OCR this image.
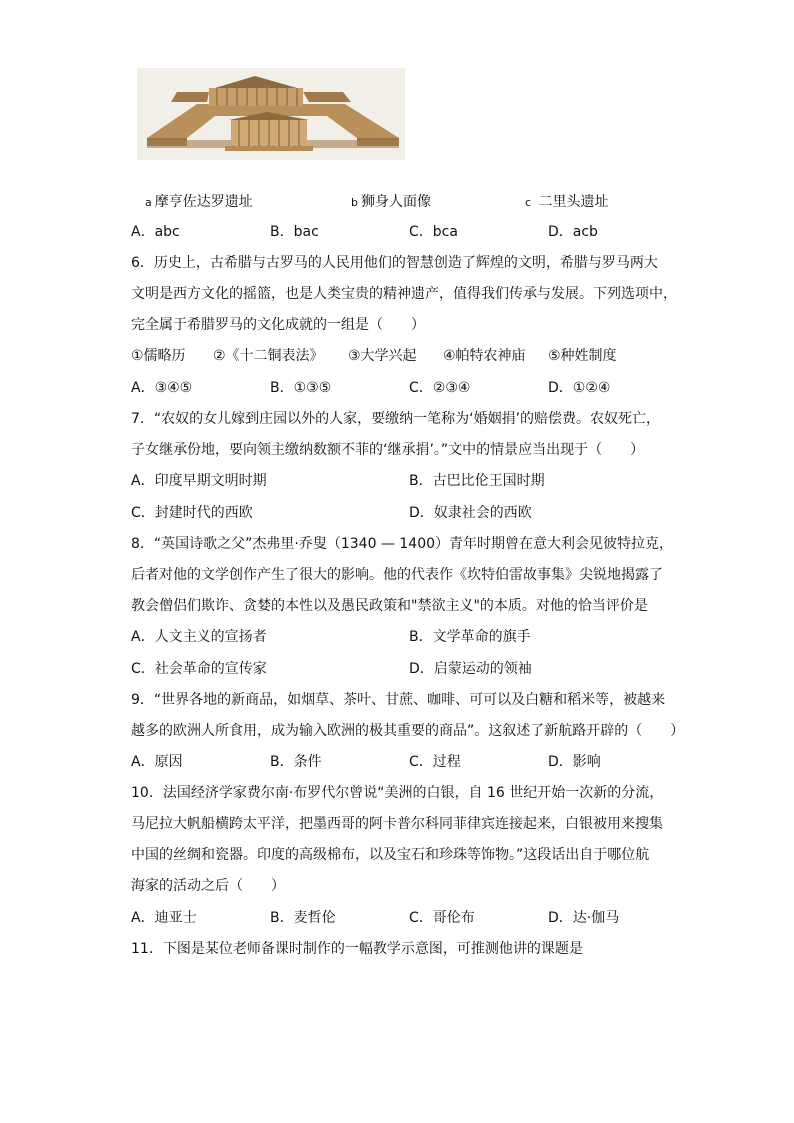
a 摩亨佐达罗遗址	b 狮身人面像	c 二里头遗址
A．abc	B．bac	C．bca	D．acb
6．历史上，古希腊与古罗马的人民用他们的智慧创造了辉煌的文明，希腊与罗马两大
文明是西方文化的摇篮，也是人类宝贵的精神遗产，值得我们传承与发展。下列选项中，
完全属于希腊罗马的文化成就的一组是（　　）
①儒略历 ②《十二铜表法》 ③大学兴起 ④帕特农神庙 ⑤种姓制度
A．③④⑤	B．①③⑤	C．②③④	D．①②④
7．“农奴的女儿嫁到庄园以外的人家，要缴纳一笔称为‘婚姻捐’的赔偿费。农奴死亡，
子女继承份地，要向领主缴纳数额不菲的‘继承捐’。”文中的情景应当出现于（　　）
A．印度早期文明时期	B．古巴比伦王国时期
C．封建时代的西欧	D．奴隶社会的西欧
8．“英国诗歌之父”杰弗里·乔叟（1340 — 1400）青年时期曾在意大利会见彼特拉克，
后者对他的文学创作产生了很大的影响。他的代表作《坎特伯雷故事集》尖锐地揭露了
教会僧侣们欺诈、贪婪的本性以及愚民政策和"禁欲主义"的本质。对他的恰当评价是
A．人文主义的宣扬者	B．文学革命的旗手
C．社会革命的宣传家	D．启蒙运动的领袖
9．“世界各地的新商品，如烟草、茶叶、甘蔗、咖啡、可可以及白糖和稻米等，被越来
越多的欧洲人所食用，成为输入欧洲的极其重要的商品”。这叙述了新航路开辟的（　　）
A．原因	B．条件	C．过程	D．影响
10．法国经济学家费尔南·布罗代尔曾说“美洲的白银，自 16 世纪开始一次新的分流，
马尼拉大帆船横跨太平洋，把墨西哥的阿卡普尔科同菲律宾连接起来，白银被用来搜集
中国的丝绸和瓷器。印度的高级棉布，以及宝石和珍珠等饰物。”这段话出自于哪位航
海家的活动之后（　　）
A．迪亚士	B．麦哲伦	C．哥伦布	D．达·伽马
11．下图是某位老师备课时制作的一幅教学示意图，可推测他讲的课题是
